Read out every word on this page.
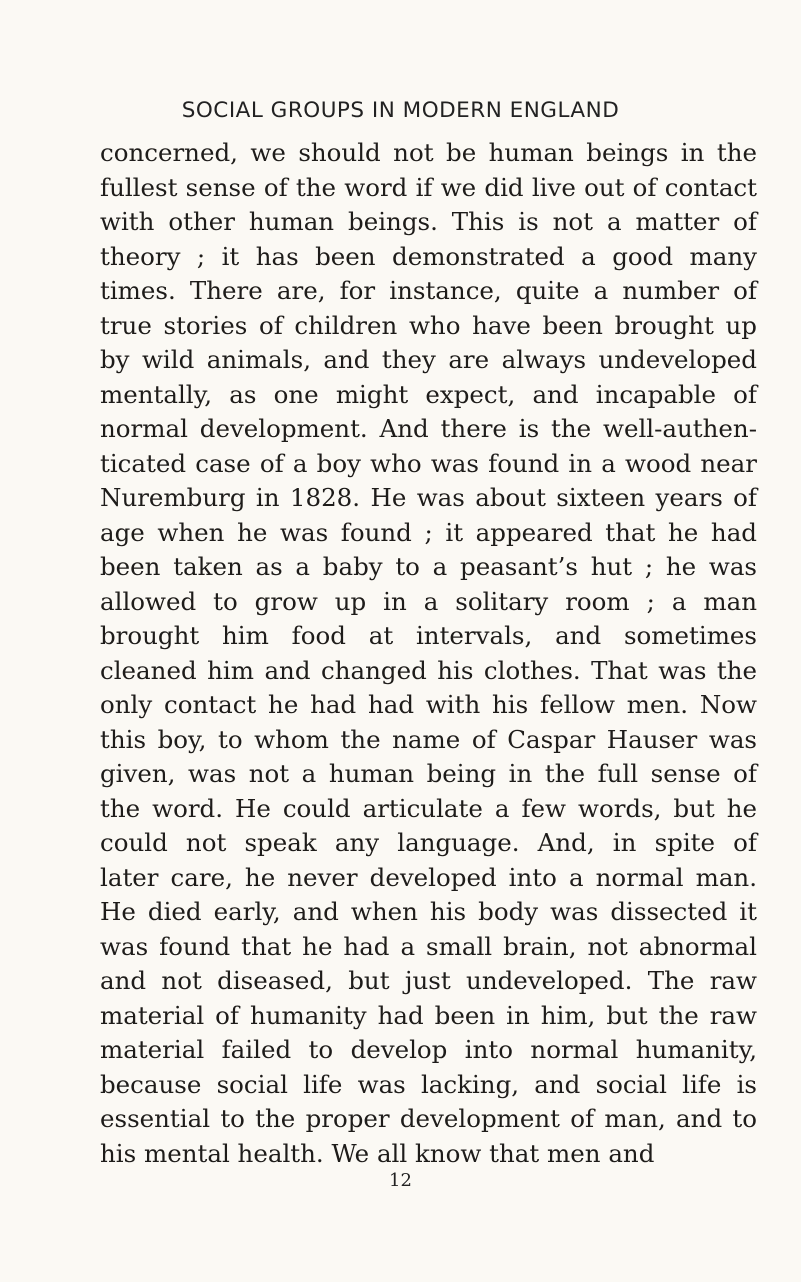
SOCIAL GROUPS IN MODERN ENGLAND
concerned, we should not be human beings in the
fullest sense of the word if we did live out of contact
with other human beings. This is not a matter of
theory ; it has been demonstrated a good many
times. There are, for instance, quite a number of
true stories of children who have been brought up
by wild animals, and they are always undeveloped
mentally, as one might expect, and incapable of
normal development. And there is the well-authen-
ticated case of a boy who was found in a wood near
Nuremburg in 1828. He was about sixteen years of
age when he was found ; it appeared that he had
been taken as a baby to a peasant’s hut ; he was
allowed to grow up in a solitary room ; a man
brought him food at intervals, and sometimes
cleaned him and changed his clothes. That was the
only contact he had had with his fellow men. Now
this boy, to whom the name of Caspar Hauser was
given, was not a human being in the full sense of
the word. He could articulate a few words, but he
could not speak any language. And, in spite of
later care, he never developed into a normal man.
He died early, and when his body was dissected it
was found that he had a small brain, not abnormal
and not diseased, but just undeveloped. The raw
material of humanity had been in him, but the raw
material failed to develop into normal humanity,
because social life was lacking, and social life is
essential to the proper development of man, and to
his mental health. We all know that men and
12
